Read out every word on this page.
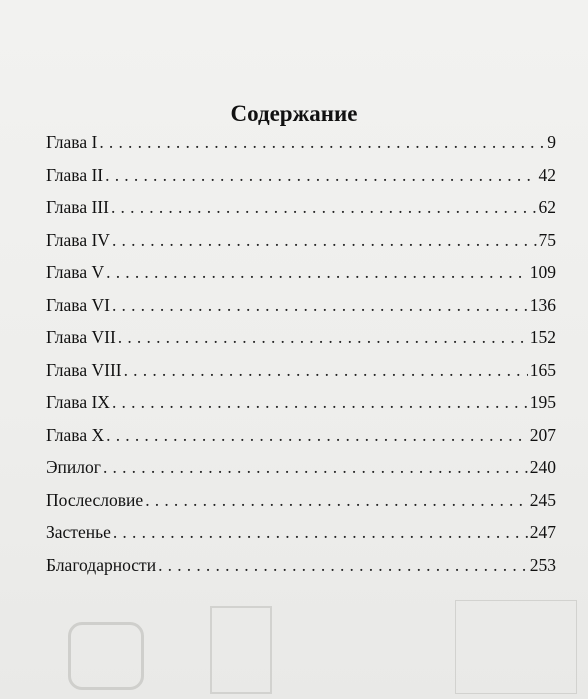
Содержание
Глава I .....	9
Глава II .....	42
Глава III .....	62
Глава IV .....	75
Глава V .....	109
Глава VI .....	136
Глава VII .....	152
Глава VIII .....	165
Глава IX .....	195
Глава X .....	207
Эпилог .....	240
Послесловие .....	245
Застенье .....	247
Благодарности .....	253
